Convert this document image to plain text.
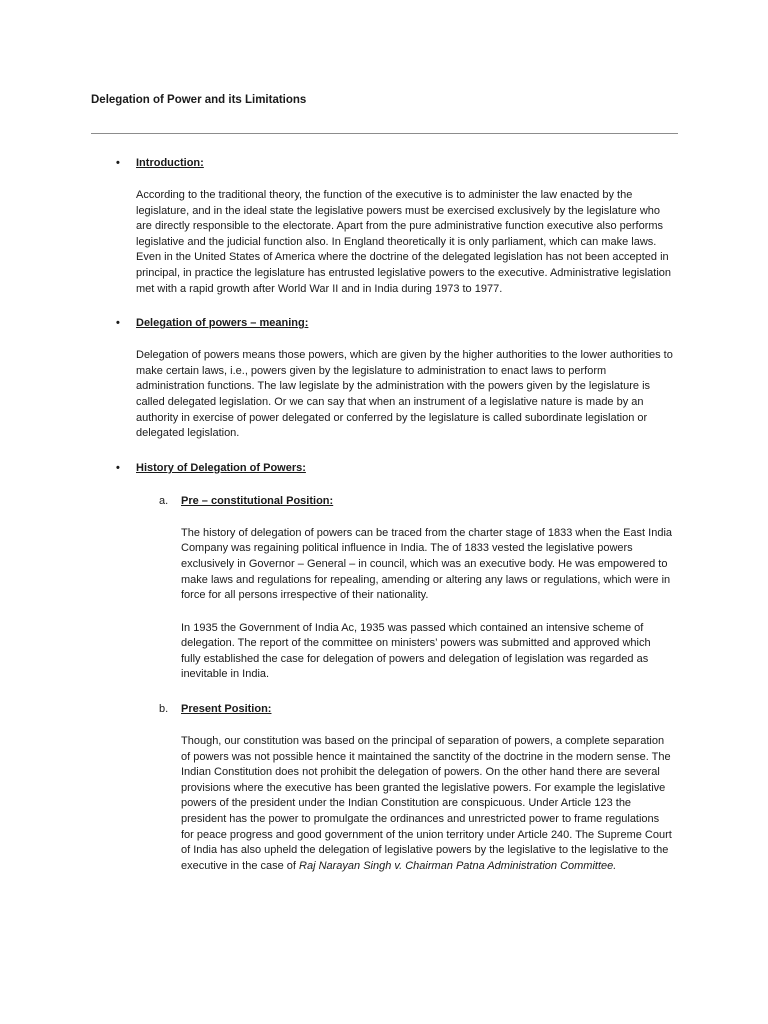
Delegation of Power and its Limitations

• Introduction:

According to the traditional theory, the function of the executive is to administer the law enacted by the legislature, and in the ideal state the legislative powers must be exercised exclusively by the legislature who are directly responsible to the electorate. Apart from the pure administrative function executive also performs legislative and the judicial function also. In England theoretically it is only parliament, which can make laws. Even in the United States of America where the doctrine of the delegated legislation has not been accepted in principal, in practice the legislature has entrusted legislative powers to the executive. Administrative legislation met with a rapid growth after World War II and in India during 1973 to 1977.

• Delegation of powers – meaning:

Delegation of powers means those powers, which are given by the higher authorities to the lower authorities to make certain laws, i.e., powers given by the legislature to administration to enact laws to perform administration functions. The law legislate by the administration with the powers given by the legislature is called delegated legislation. Or we can say that when an instrument of a legislative nature is made by an authority in exercise of power delegated or conferred by the legislature is called subordinate legislation or delegated legislation.

• History of Delegation of Powers:

a. Pre – constitutional Position:

The history of delegation of powers can be traced from the charter stage of 1833 when the East India Company was regaining political influence in India. The of 1833 vested the legislative powers exclusively in Governor – General – in council, which was an executive body. He was empowered to make laws and regulations for repealing, amending or altering any laws or regulations, which were in force for all persons irrespective of their nationality.

In 1935 the Government of India Ac, 1935 was passed which contained an intensive scheme of delegation. The report of the committee on ministers’ powers was submitted and approved which fully established the case for delegation of powers and delegation of legislation was regarded as inevitable in India.

b. Present Position:

Though, our constitution was based on the principal of separation of powers, a complete separation of powers was not possible hence it maintained the sanctity of the doctrine in the modern sense. The Indian Constitution does not prohibit the delegation of powers. On the other hand there are several provisions where the executive has been granted the legislative powers. For example the legislative powers of the president under the Indian Constitution are conspicuous. Under Article 123 the president has the power to promulgate the ordinances and unrestricted power to frame regulations for peace progress and good government of the union territory under Article 240. The Supreme Court of India has also upheld the delegation of legislative powers by the legislative to the legislative to the executive in the case of Raj Narayan Singh v. Chairman Patna Administration Committee.
